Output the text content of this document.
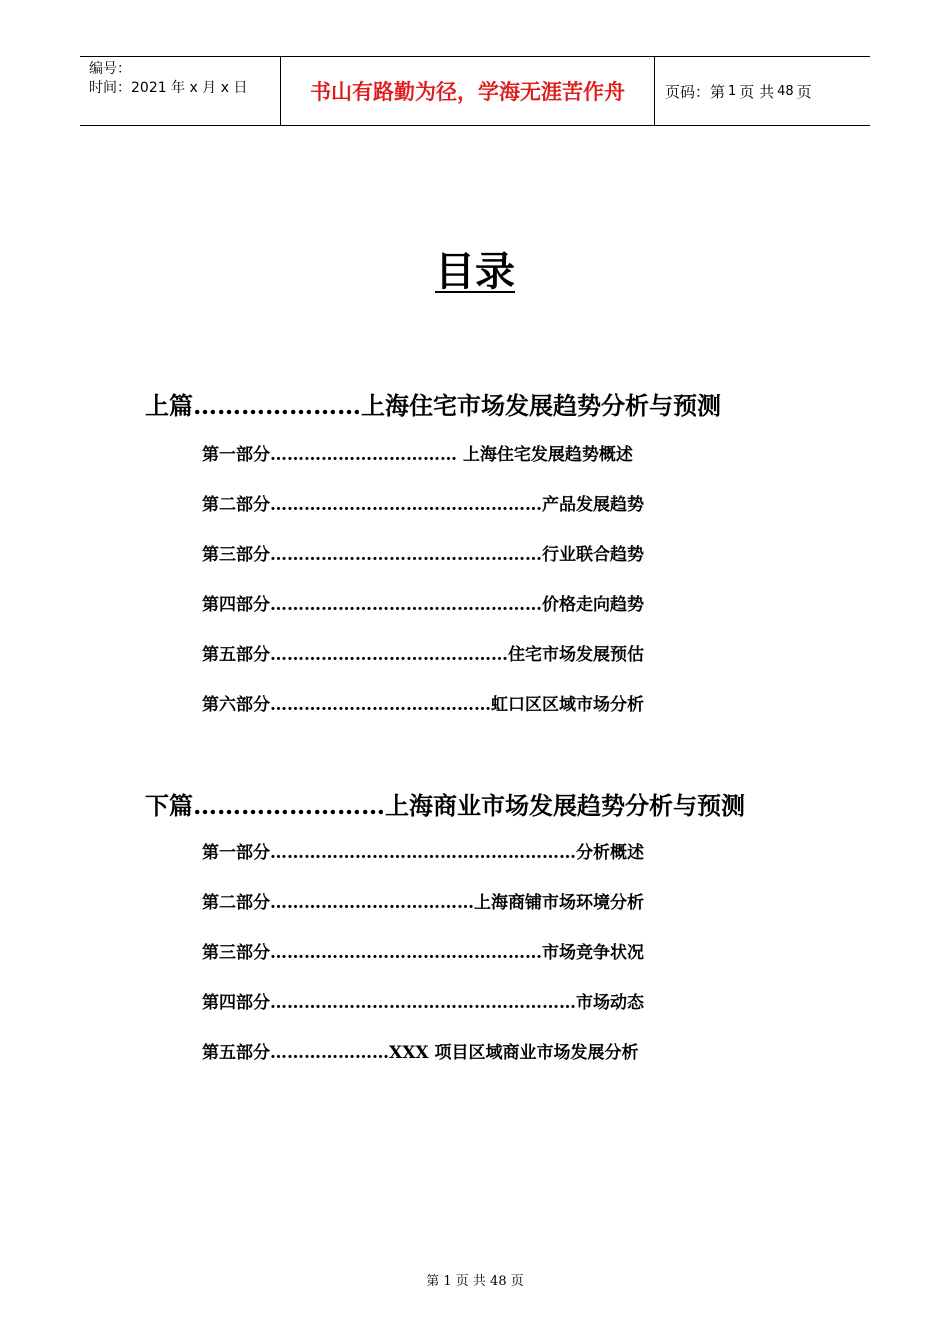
编号：
时间：2021 年 x 月 x 日	书山有路勤为径，学海无涯苦作舟	页码：第 1 页 共 48 页
目录
上篇…………………上海住宅市场发展趋势分析与预测
第一部分…………………………… 上海住宅发展趋势概述
第二部分…………………………………………产品发展趋势
第三部分…………………………………………行业联合趋势
第四部分…………………………………………价格走向趋势
第五部分……………………………………住宅市场发展预估
第六部分…………………………………虹口区区域市场分析
下篇……………………上海商业市场发展趋势分析与预测
第一部分………………………………………………分析概述
第二部分………………………………上海商铺市场环境分析
第三部分…………………………………………市场竞争状况
第四部分………………………………………………市场动态
第五部分…………………XXX 项目区域商业市场发展分析
第 1 页 共 48 页
